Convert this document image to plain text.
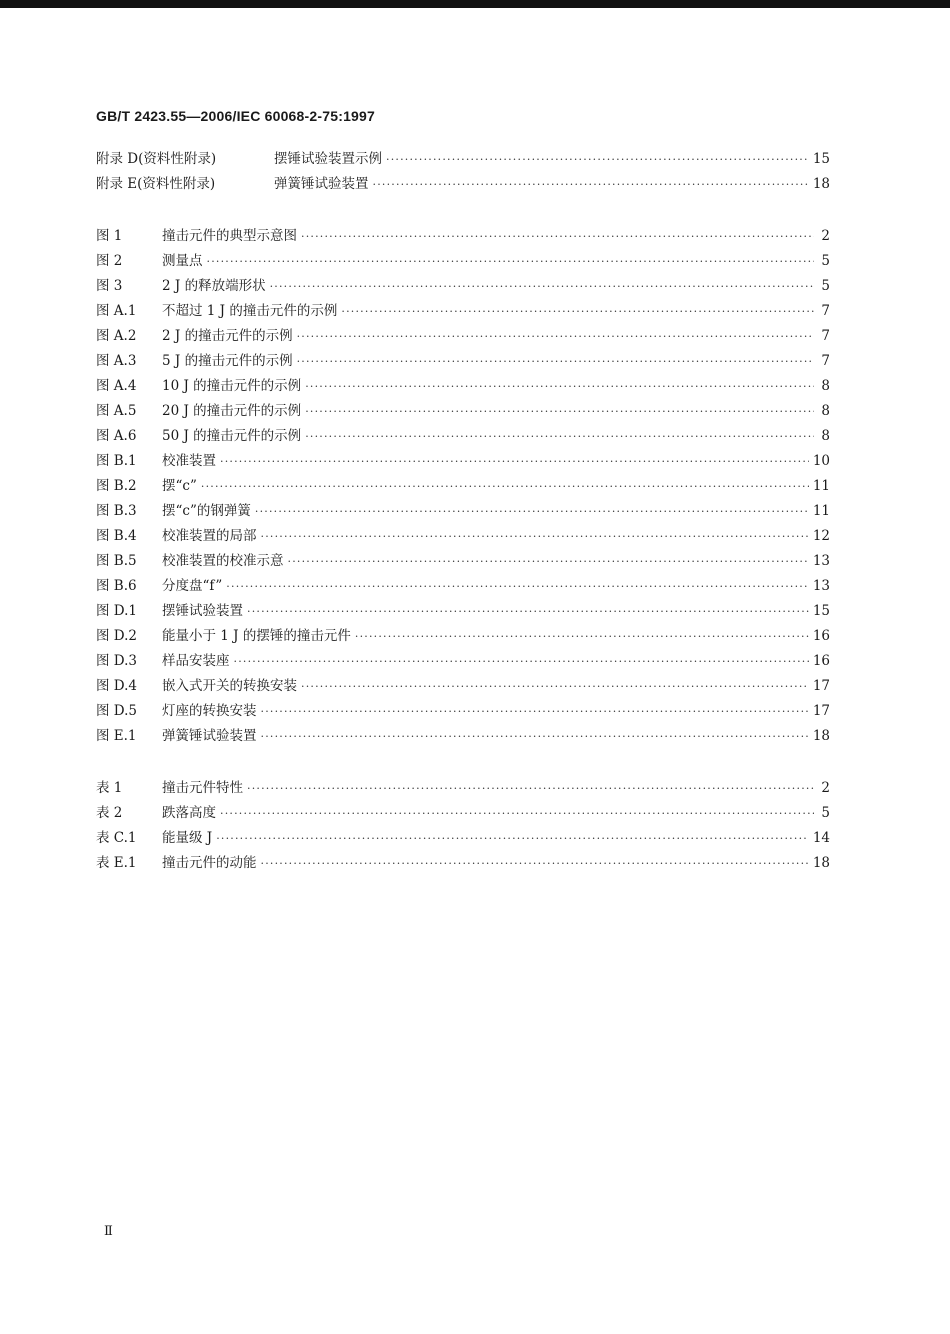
GB/T 2423.55—2006/IEC 60068-2-75:1997
附录 D(资料性附录)	摆锤试验装置示例 ·····	15
附录 E(资料性附录)	弹簧锤试验装置 ·····	18
图 1	撞击元件的典型示意图 ·····	2
图 2	测量点 ·····	5
图 3	2 J 的释放端形状 ·····	5
图 A.1	不超过 1 J 的撞击元件的示例 ·····	7
图 A.2	2 J 的撞击元件的示例 ·····	7
图 A.3	5 J 的撞击元件的示例 ·····	7
图 A.4	10 J 的撞击元件的示例 ·····	8
图 A.5	20 J 的撞击元件的示例 ·····	8
图 A.6	50 J 的撞击元件的示例 ·····	8
图 B.1	校准装置 ·····	10
图 B.2	摆“c” ·····	11
图 B.3	摆“c”的钢弹簧 ·····	11
图 B.4	校准装置的局部 ·····	12
图 B.5	校准装置的校准示意 ·····	13
图 B.6	分度盘“f” ·····	13
图 D.1	摆锤试验装置 ·····	15
图 D.2	能量小于 1 J 的摆锤的撞击元件 ·····	16
图 D.3	样品安装座 ·····	16
图 D.4	嵌入式开关的转换安装 ·····	17
图 D.5	灯座的转换安装 ·····	17
图 E.1	弹簧锤试验装置 ·····	18
表 1	撞击元件特性 ·····	2
表 2	跌落高度 ·····	5
表 C.1	能量级 J ·····	14
表 E.1	撞击元件的动能 ·····	18
Ⅱ
